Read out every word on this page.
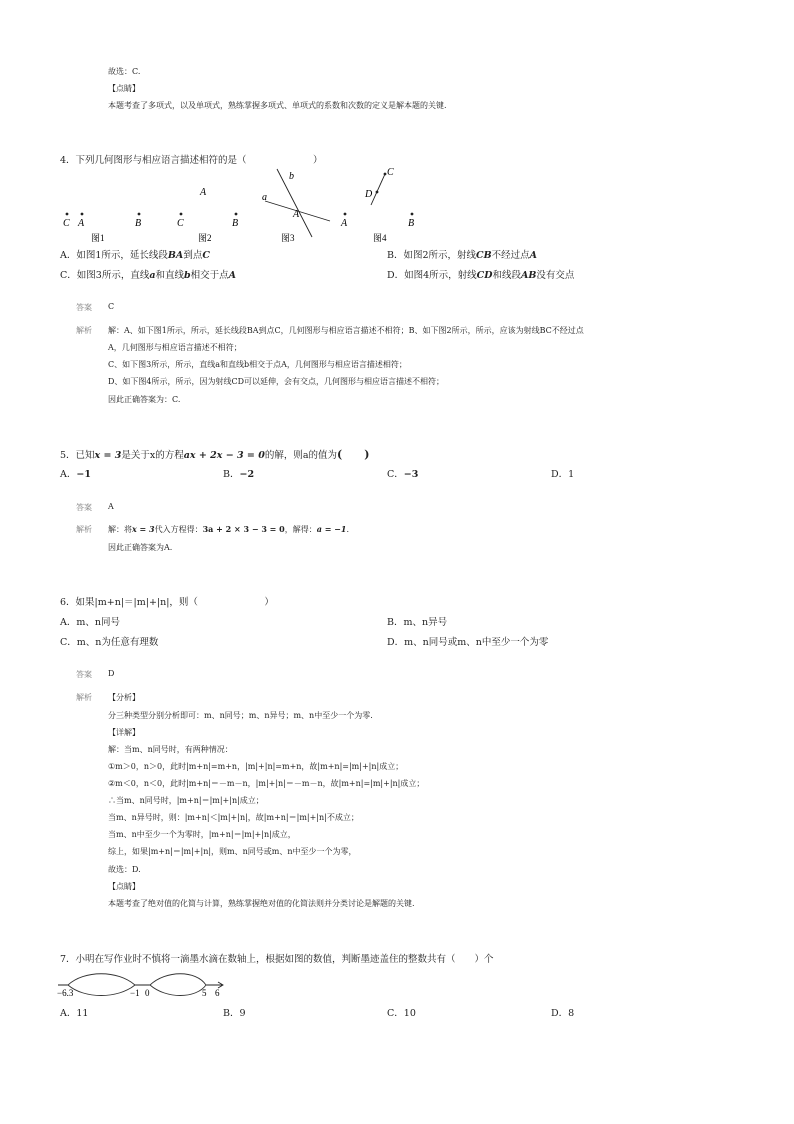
故选：C.
【点睛】
本题考查了多项式，以及单项式，熟练掌握多项式、单项式的系数和次数的定义是解本题的关键.
4．下列几何图形与相应语言描述相符的是（　　　　　　　）
C A	B
图1
A
C	B
图2
b
a
A
A
图3
C
D
B
图4
A．如图1所示，延长线段BA到点C	B．如图2所示，射线CB不经过点A
C．如图3所示，直线a和直线b相交于点A	D．如图4所示，射线CD和线段AB没有交点
答案 C
解析 解：A、如下图1所示，所示，延长线段BA到点C，几何图形与相应语言描述不相符；B、如下图2所示，所示，应该为射线BC不经过点
A，几何图形与相应语言描述不相符；
C、如下图3所示，所示，直线a和直线b相交于点A，几何图形与相应语言描述相符；
D、如下图4所示，所示，因为射线CD可以延伸，会有交点，几何图形与相应语言描述不相符；
因此正确答案为：C.
5．已知x = 3是关于x的方程ax + 2x − 3 = 0的解，则a的值为(　　)
A．−1	B．−2	C．−3	D．1
答案 A
解析 解：将x = 3代入方程得：3a + 2 × 3 − 3 = 0，解得：a = −1.
因此正确答案为A.
6．如果|m+n|＝|m|+|n|，则（　　　　　　　）
A．m、n同号	B．m、n异号
C．m、n为任意有理数	D．m、n同号或m、n中至少一个为零
答案 D
解析 【分析】
分三种类型分别分析即可：m、n同号；m、n异号；m、n中至少一个为零.
【详解】
解：当m、n同号时，有两种情况：
①m＞0，n＞0，此时|m+n|=m+n，|m|+|n|=m+n，故|m+n|=|m|+|n|成立；
②m＜0，n＜0，此时|m+n|＝－m－n，|m|+|n|＝－m－n，故|m+n|=|m|+|n|成立；
∴当m、n同号时，|m+n|＝|m|+|n|成立；
当m、n异号时，则：|m+n|＜|m|+|n|，故|m+n|＝|m|+|n|不成立；
当m、n中至少一个为零时，|m+n|＝|m|+|n|成立，
综上，如果|m+n|＝|m|+|n|，则m、n同号或m、n中至少一个为零，
故选：D.
【点睛】
本题考查了绝对值的化简与计算，熟练掌握绝对值的化简法则并分类讨论是解题的关键.
7．小明在写作业时不慎将一滴墨水滴在数轴上，根据如图的数值，判断墨迹盖住的整数共有（　　）个
−6.3	−1 0	5 6
A．11	B．9	C．10	D．8
